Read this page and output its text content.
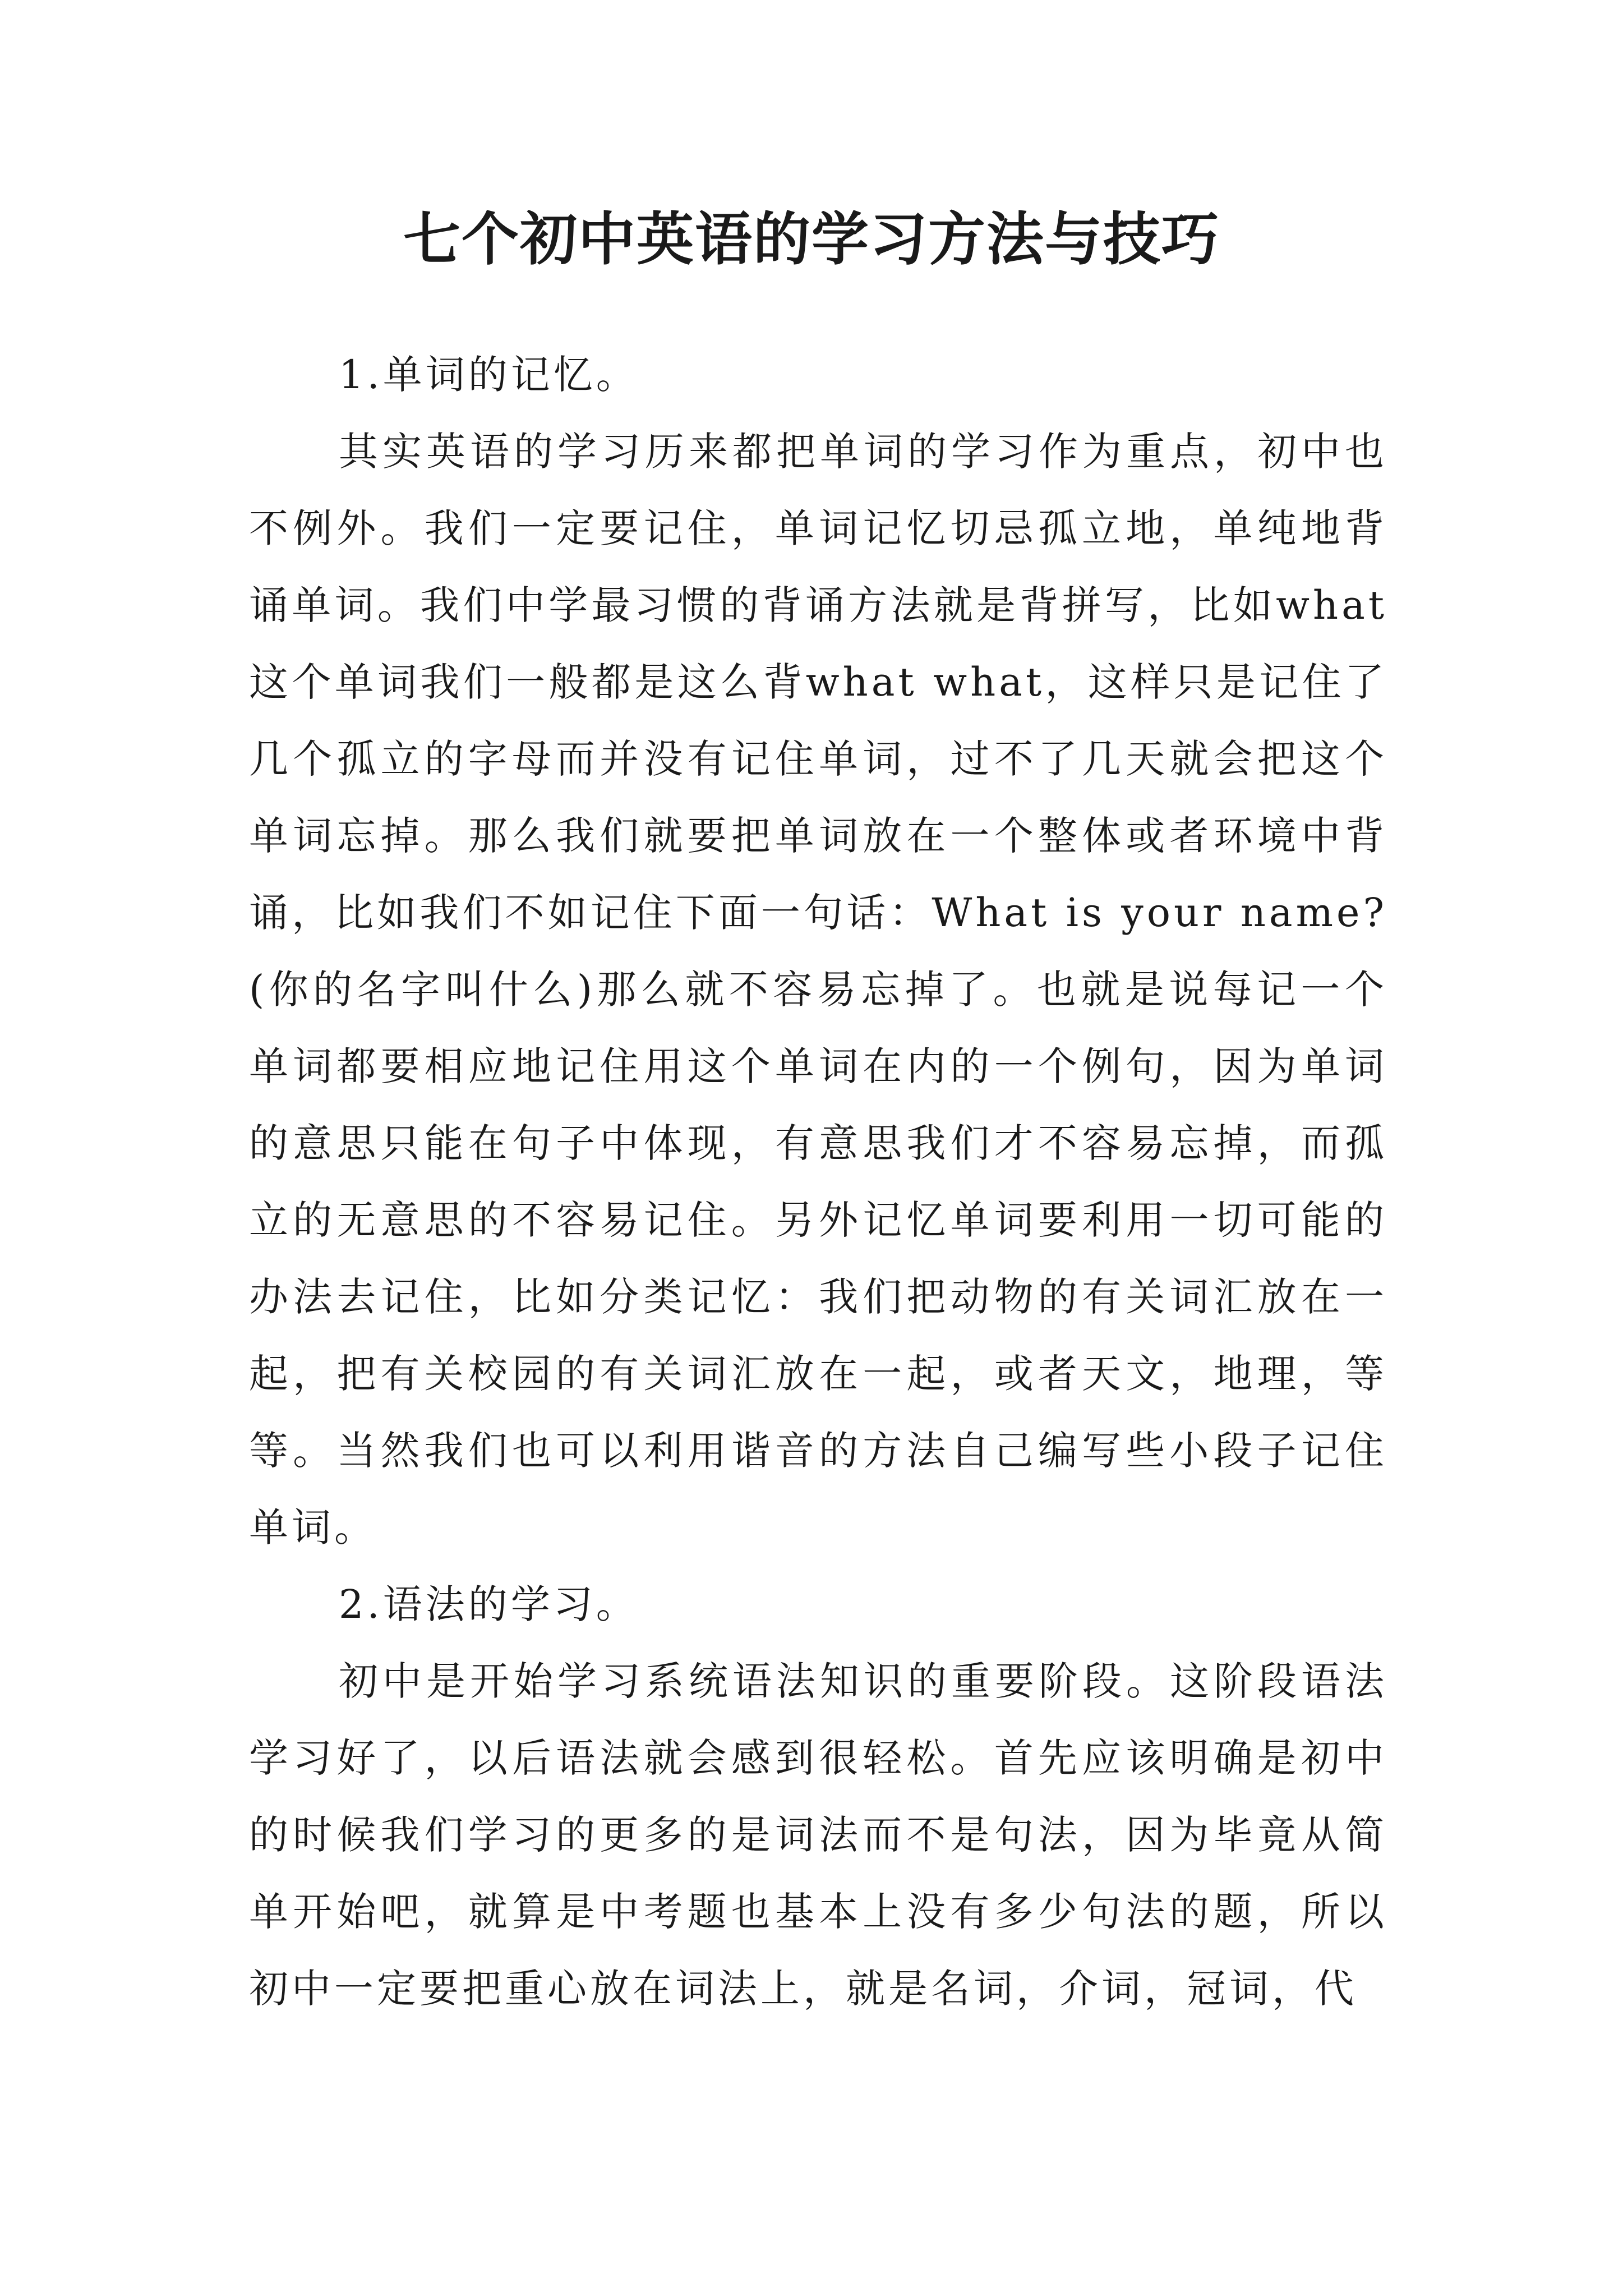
七个初中英语的学习方法与技巧

1.单词的记忆。

其实英语的学习历来都把单词的学习作为重点，初中也不例外。我们一定要记住，单词记忆切忌孤立地，单纯地背诵单词。我们中学最习惯的背诵方法就是背拼写，比如what这个单词我们一般都是这么背what what，这样只是记住了几个孤立的字母而并没有记住单词，过不了几天就会把这个单词忘掉。那么我们就要把单词放在一个整体或者环境中背诵，比如我们不如记住下面一句话：What is your name?(你的名字叫什么)那么就不容易忘掉了。也就是说每记一个单词都要相应地记住用这个单词在内的一个例句，因为单词的意思只能在句子中体现，有意思我们才不容易忘掉，而孤立的无意思的不容易记住。另外记忆单词要利用一切可能的办法去记住，比如分类记忆：我们把动物的有关词汇放在一起，把有关校园的有关词汇放在一起，或者天文，地理，等等。当然我们也可以利用谐音的方法自己编写些小段子记住单词。

2.语法的学习。

初中是开始学习系统语法知识的重要阶段。这阶段语法学习好了，以后语法就会感到很轻松。首先应该明确是初中的时候我们学习的更多的是词法而不是句法，因为毕竟从简单开始吧，就算是中考题也基本上没有多少句法的题，所以初中一定要把重心放在词法上，就是名词，介词，冠词，代
